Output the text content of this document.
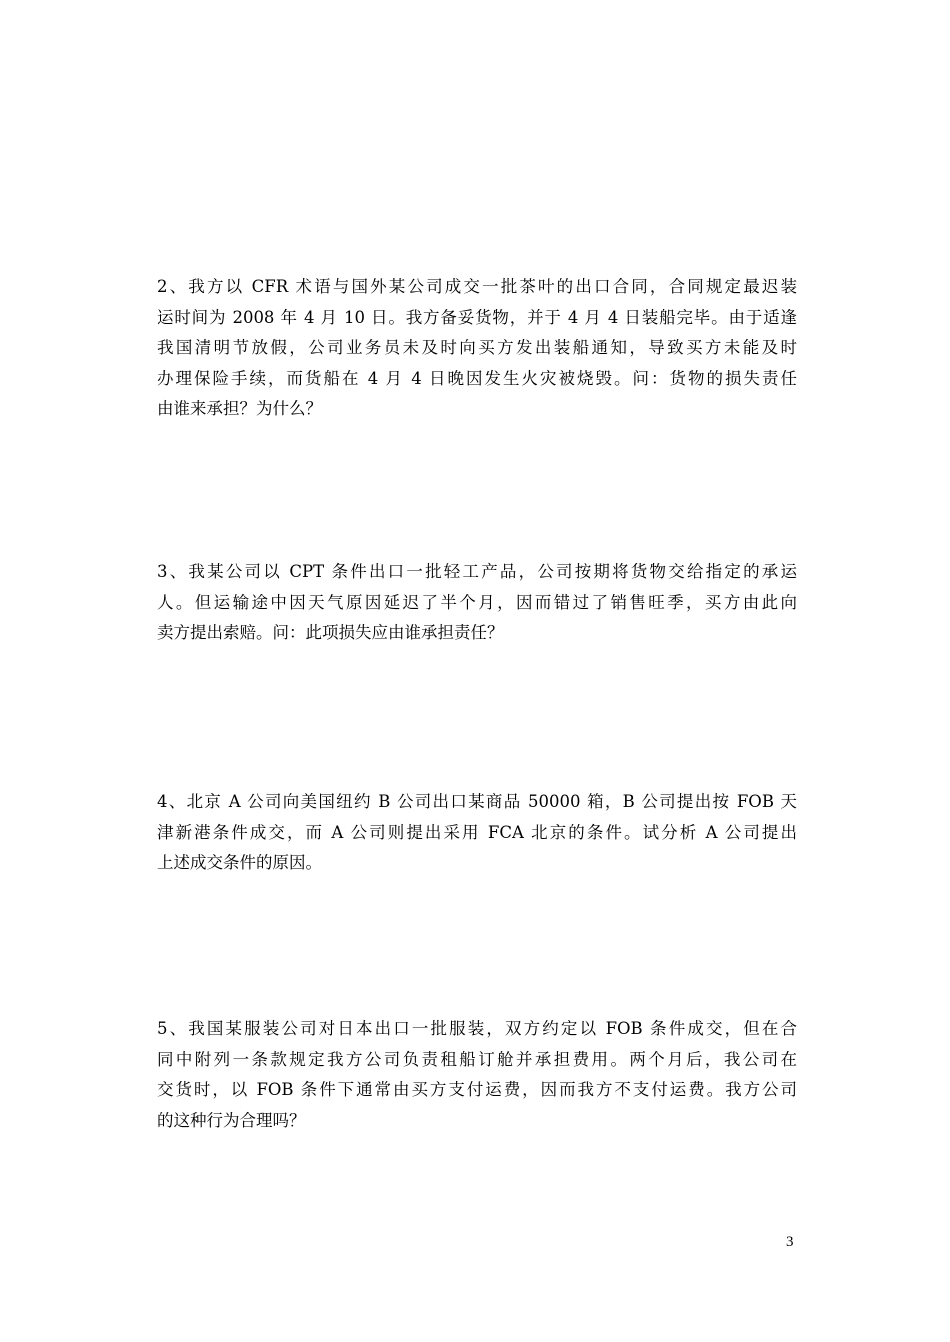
2、我方以 CFR 术语与国外某公司成交一批茶叶的出口合同，合同规定最迟装
运时间为 2008 年 4 月 10 日。我方备妥货物，并于 4 月 4 日装船完毕。由于适逢
我国清明节放假，公司业务员未及时向买方发出装船通知，导致买方未能及时
办理保险手续，而货船在 4 月 4 日晚因发生火灾被烧毁。问：货物的损失责任
由谁来承担？为什么？
3、我某公司以 CPT 条件出口一批轻工产品，公司按期将货物交给指定的承运
人。但运输途中因天气原因延迟了半个月，因而错过了销售旺季，买方由此向
卖方提出索赔。问：此项损失应由谁承担责任？
4、北京 A 公司向美国纽约 B 公司出口某商品 50000 箱，B 公司提出按 FOB 天
津新港条件成交，而 A 公司则提出采用 FCA 北京的条件。试分析 A 公司提出
上述成交条件的原因。
5、我国某服装公司对日本出口一批服装，双方约定以 FOB 条件成交，但在合
同中附列一条款规定我方公司负责租船订舱并承担费用。两个月后，我公司在
交货时，以 FOB 条件下通常由买方支付运费，因而我方不支付运费。我方公司
的这种行为合理吗？
3
